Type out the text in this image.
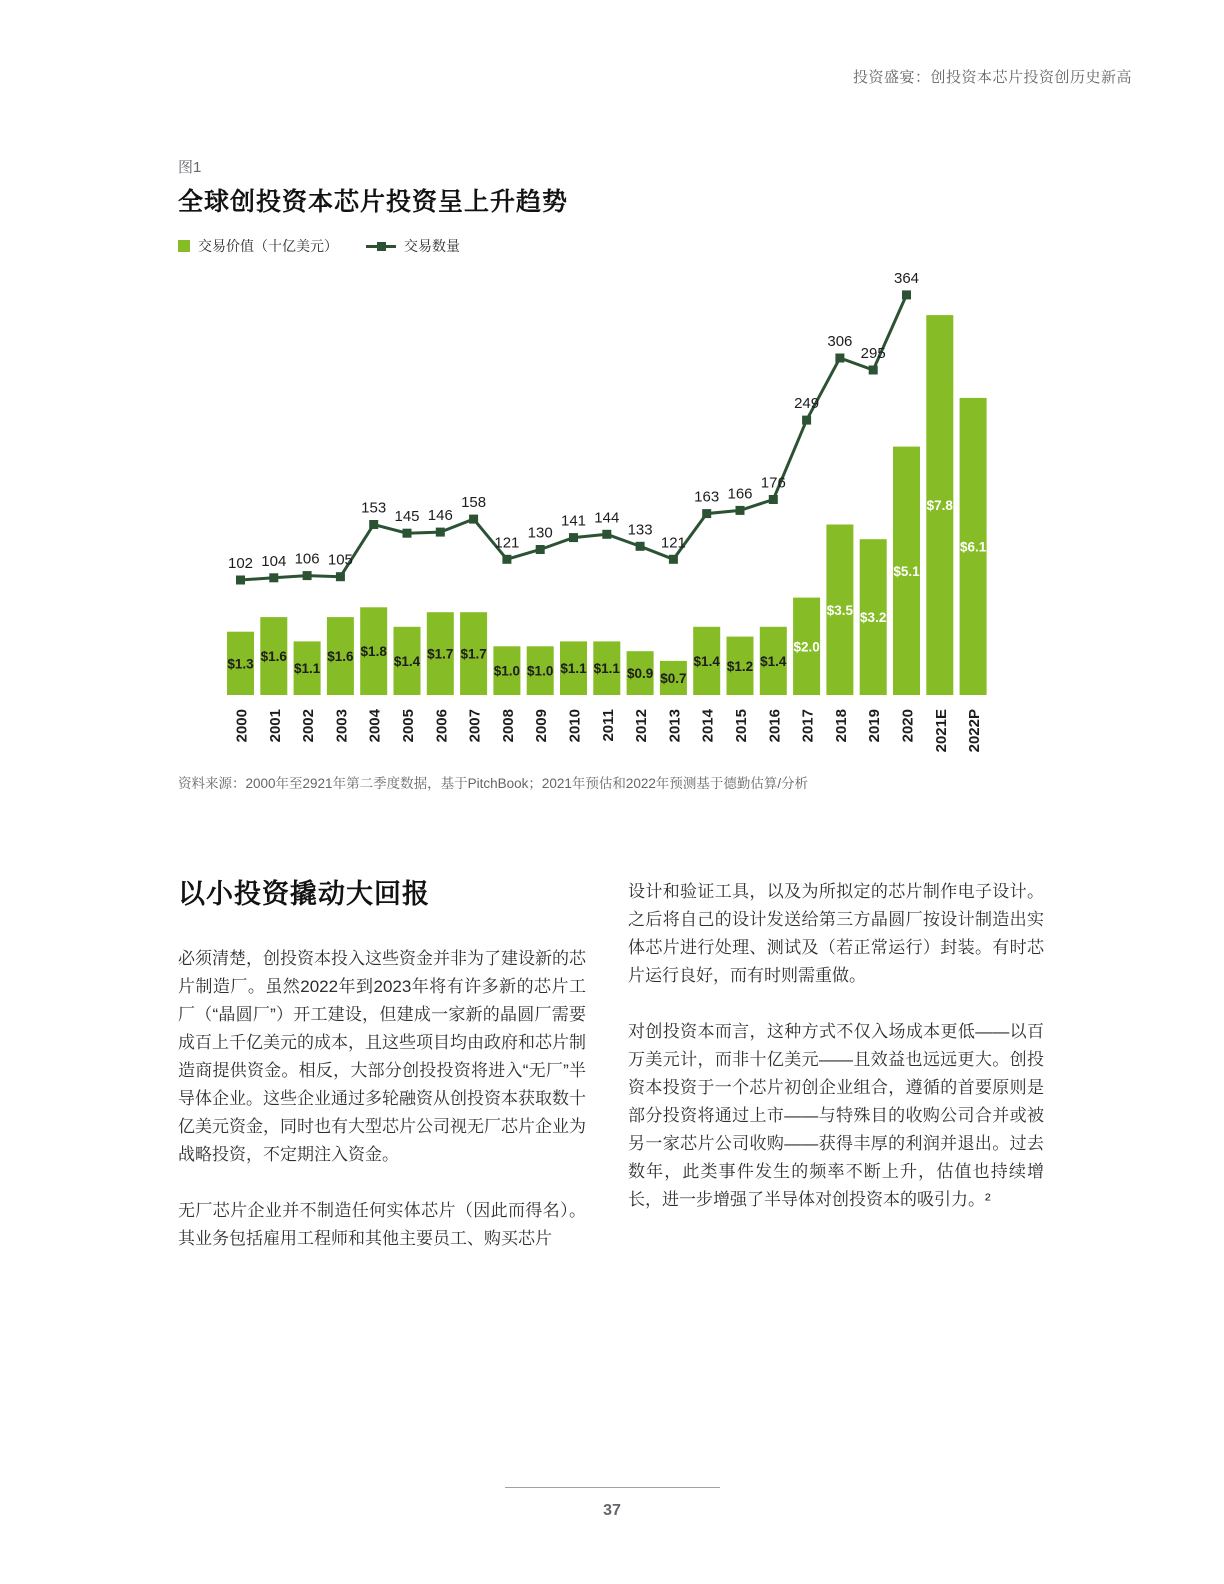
投资盛宴：创投资本芯片投资创历史新高
图1
全球创投资本芯片投资呈上升趋势
交易价值（十亿美元）	交易数量
$1.3
2000
$1.6
2001
$1.1
2002
$1.6
2003
$1.8
2004
$1.4
2005
$1.7
2006
$1.7
2007
$1.0
2008
$1.0
2009
$1.1
2010
$1.1
2011
$0.9
2012
$0.7
2013
$1.4
2014
$1.2
2015
$1.4
2016
$2.0
2017
$3.5
2018
$3.2
2019
$5.1
2020
$7.8
2021E
$6.1
2022P
102 104 106 105
153
145 146
158
121
130
141 144
133
121
163 166
176
249
306
295
364
资料来源：2000年至2921年第二季度数据，基于PitchBook；2021年预估和2022年预测基于德勤估算/分析
以小投资撬动大回报

必须清楚，创投资本投入这些资金并非为了建设新的芯片制造厂。虽然2022年到2023年将有许多新的芯片工厂（“晶圆厂”）开工建设，但建成一家新的晶圆厂需要成百上千亿美元的成本，且这些项目均由政府和芯片制造商提供资金。相反，大部分创投投资将进入“无厂”半导体企业。这些企业通过多轮融资从创投资本获取数十亿美元资金，同时也有大型芯片公司视无厂芯片企业为战略投资，不定期注入资金。

无厂芯片企业并不制造任何实体芯片（因此而得名）。其业务包括雇用工程师和其他主要员工、购买芯片

设计和验证工具，以及为所拟定的芯片制作电子设计。之后将自己的设计发送给第三方晶圆厂按设计制造出实体芯片进行处理、测试及（若正常运行）封装。有时芯片运行良好，而有时则需重做。

对创投资本而言，这种方式不仅入场成本更低——以百万美元计，而非十亿美元——且效益也远远更大。创投资本投资于一个芯片初创企业组合，遵循的首要原则是部分投资将通过上市——与特殊目的收购公司合并或被另一家芯片公司收购——获得丰厚的利润并退出。过去数年，此类事件发生的频率不断上升，估值也持续增长，进一步增强了半导体对创投资本的吸引力。²

37
